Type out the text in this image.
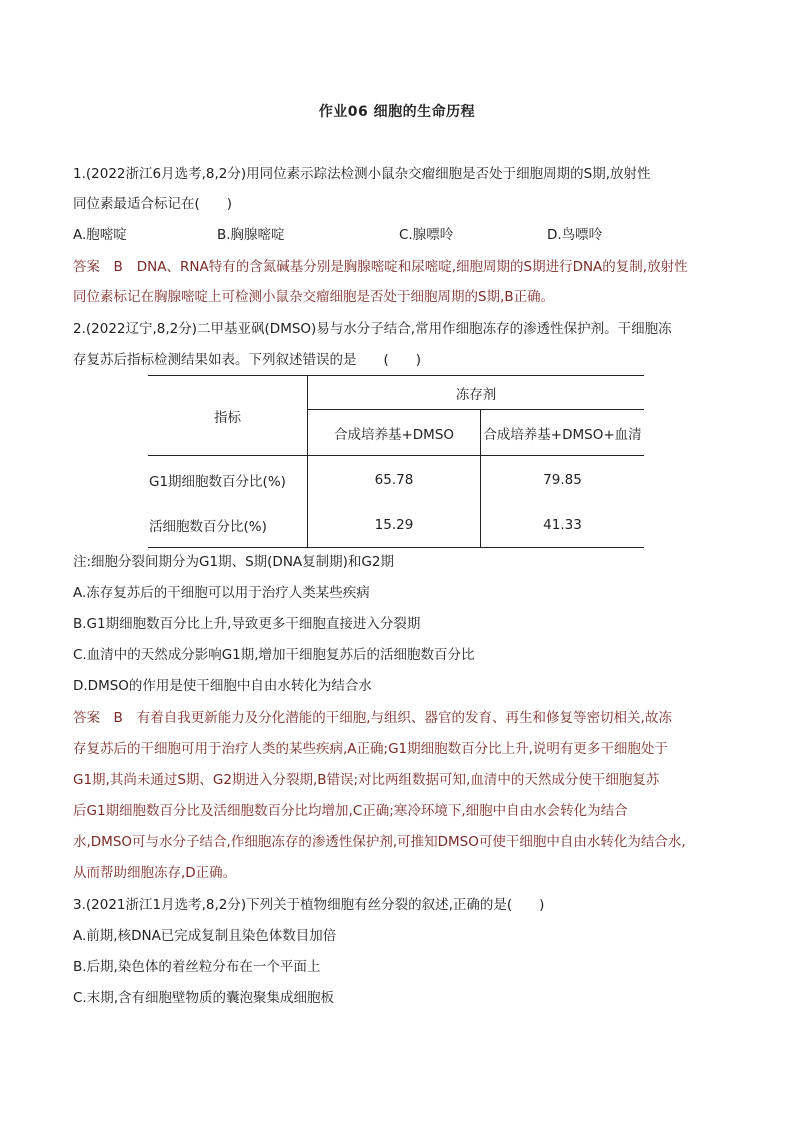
作业06 细胞的生命历程
1.(2022浙江6月选考,8,2分)用同位素示踪法检测小鼠杂交瘤细胞是否处于细胞周期的S期,放射性
同位素最适合标记在(　　)
A.胞嘧啶	B.胸腺嘧啶	C.腺嘌呤	D.鸟嘌呤
答案　B DNA、RNA特有的含氮碱基分别是胸腺嘧啶和尿嘧啶,细胞周期的S期进行DNA的复制,放射性
同位素标记在胸腺嘧啶上可检测小鼠杂交瘤细胞是否处于细胞周期的S期,B正确。
2.(2022辽宁,8,2分)二甲基亚砜(DMSO)易与水分子结合,常用作细胞冻存的渗透性保护剂。干细胞冻
存复苏后指标检测结果如表。下列叙述错误的是　　(　　)
指标	冻存剂	
	合成培养基+DMSO	合成培养基+DMSO+血清
G1期细胞数百分比(%)	65.78	79.85
活细胞数百分比(%)	15.29	41.33
注:细胞分裂间期分为G1期、S期(DNA复制期)和G2期
A.冻存复苏后的干细胞可以用于治疗人类某些疾病
B.G1期细胞数百分比上升,导致更多干细胞直接进入分裂期
C.血清中的天然成分影响G1期,增加干细胞复苏后的活细胞数百分比
D.DMSO的作用是使干细胞中自由水转化为结合水
答案　B 有着自我更新能力及分化潜能的干细胞,与组织、器官的发育、再生和修复等密切相关,故冻
存复苏后的干细胞可用于治疗人类的某些疾病,A正确;G1期细胞数百分比上升,说明有更多干细胞处于
G1期,其尚未通过S期、G2期进入分裂期,B错误;对比两组数据可知,血清中的天然成分使干细胞复苏
后G1期细胞数百分比及活细胞数百分比均增加,C正确;寒冷环境下,细胞中自由水会转化为结合
水,DMSO可与水分子结合,作细胞冻存的渗透性保护剂,可推知DMSO可使干细胞中自由水转化为结合水,
从而帮助细胞冻存,D正确。
3.(2021浙江1月选考,8,2分)下列关于植物细胞有丝分裂的叙述,正确的是(　　)
A.前期,核DNA已完成复制且染色体数目加倍
B.后期,染色体的着丝粒分布在一个平面上
C.末期,含有细胞壁物质的囊泡聚集成细胞板
